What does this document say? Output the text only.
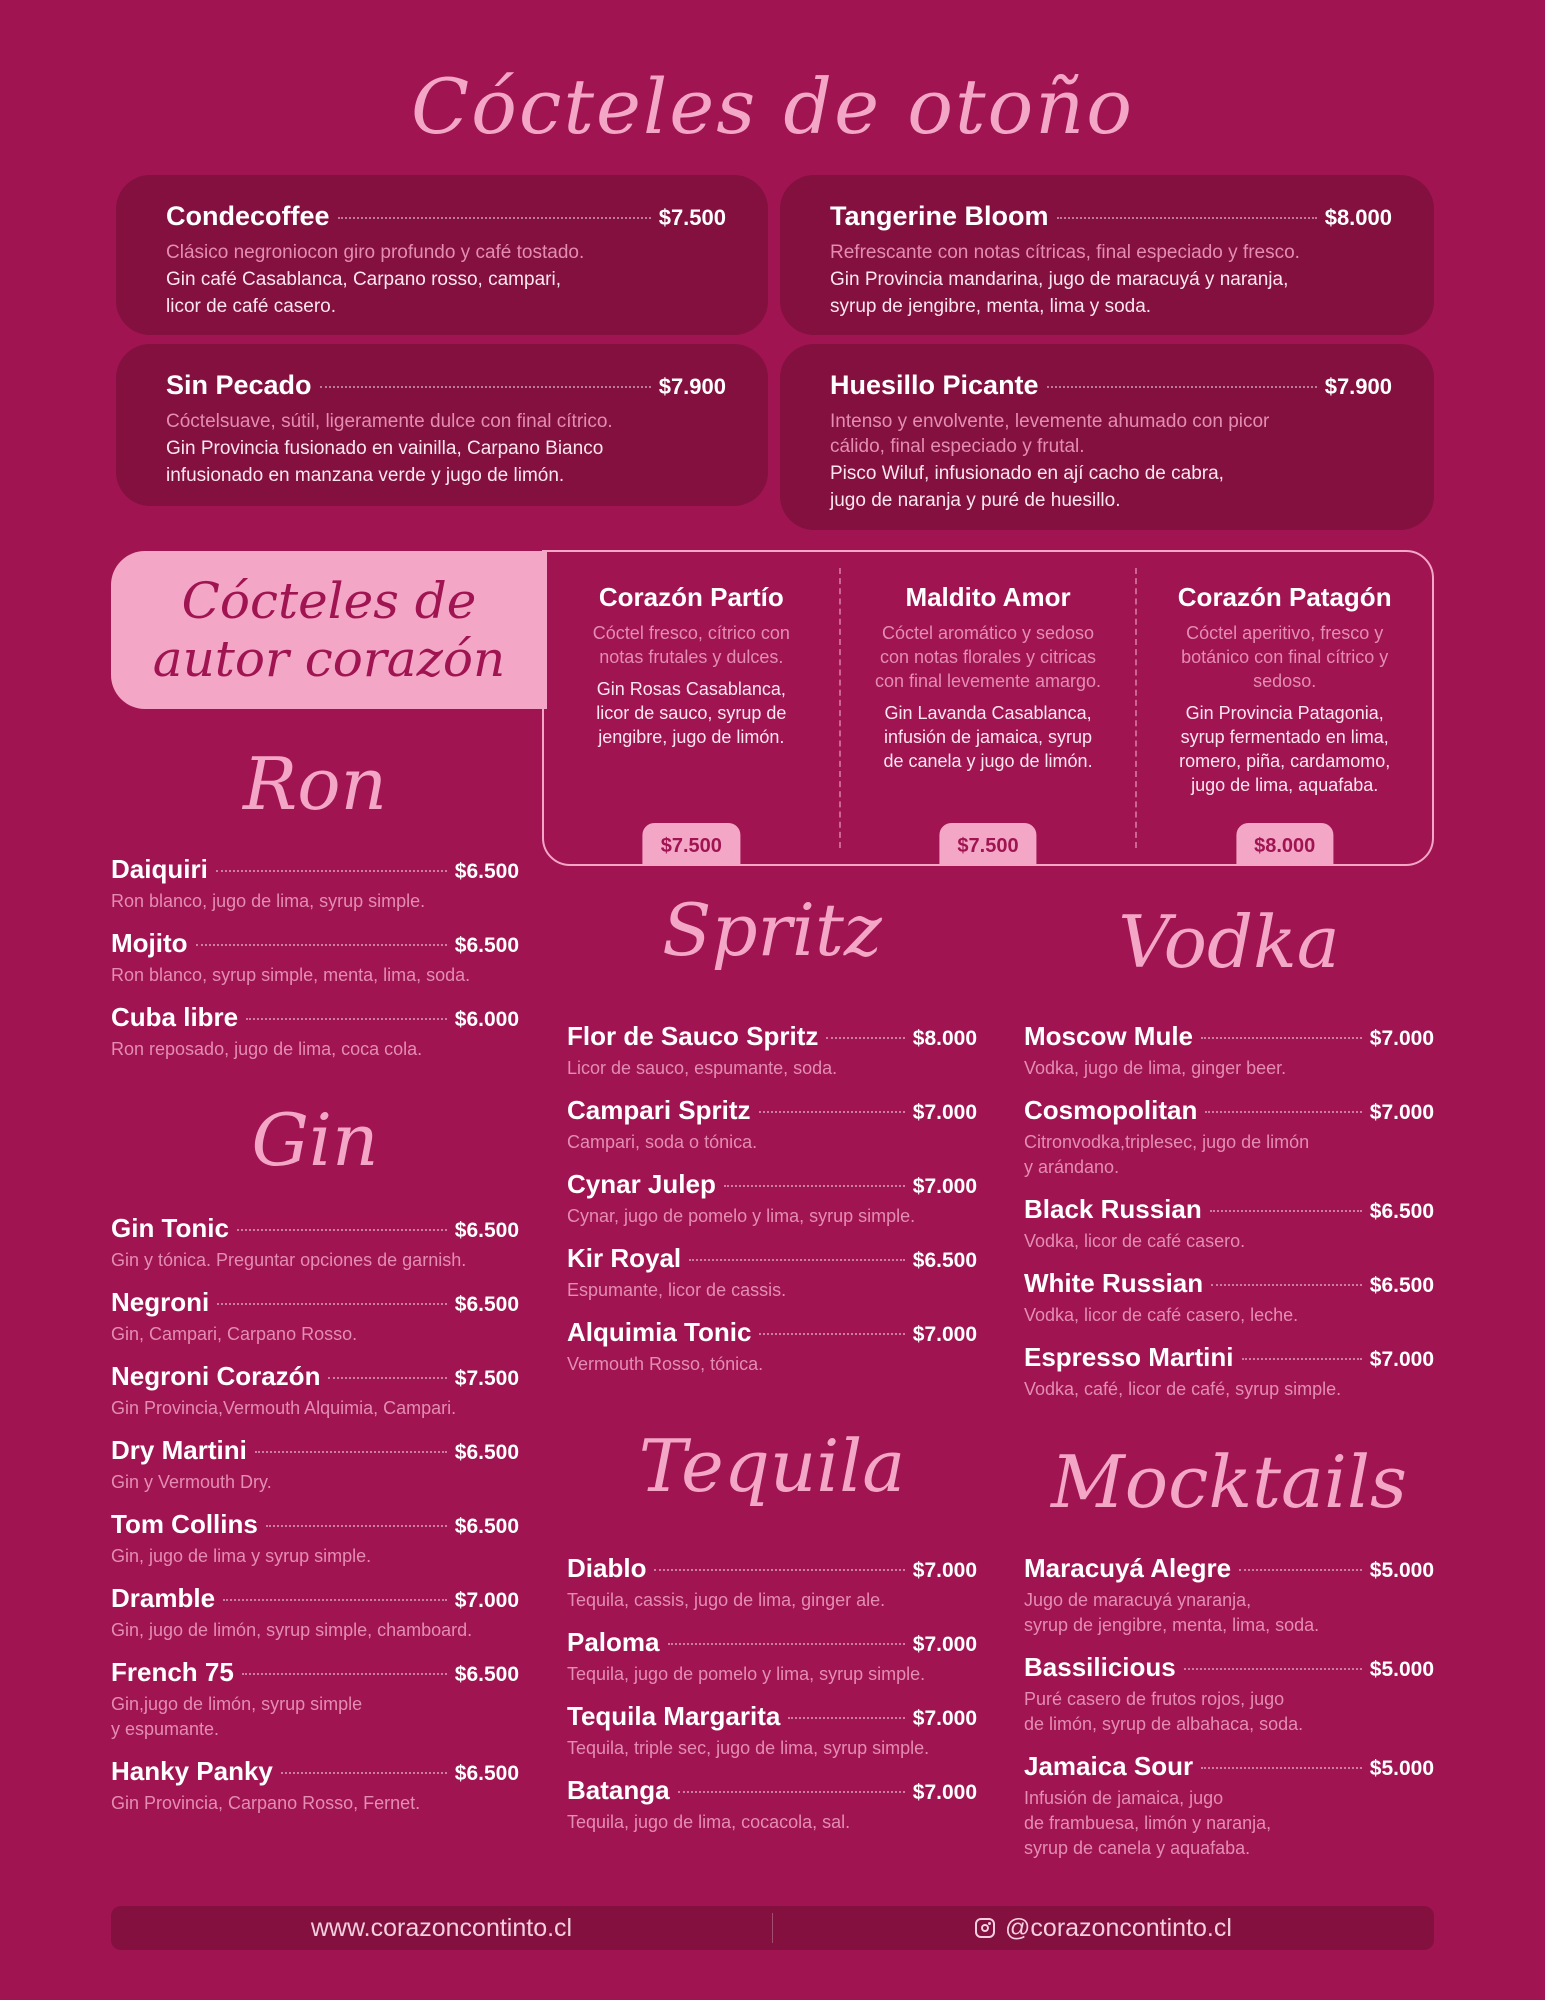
Cócteles de otoño
Condecoffee	$7.500
Clásico negroniocon giro profundo y café tostado.
Gin café Casablanca, Carpano rosso, campari,
licor de café casero.
Tangerine Bloom	$8.000
Refrescante con notas cítricas, final especiado y fresco.
Gin Provincia mandarina, jugo de maracuyá y naranja,
syrup de jengibre, menta, lima y soda.
Sin Pecado	$7.900
Cóctelsuave, sútil, ligeramente dulce con final cítrico.
Gin Provincia fusionado en vainilla, Carpano Bianco
infusionado en manzana verde y jugo de limón.
Huesillo Picante	$7.900
Intenso y envolvente, levemente ahumado con picor
cálido, final especiado y frutal.
Pisco Wiluf, infusionado en ají cacho de cabra,
jugo de naranja y puré de huesillo.
Cócteles de
autor corazón
Corazón Partío
Cóctel fresco, cítrico con
notas frutales y dulces.
Gin Rosas Casablanca,
licor de sauco, syrup de
jengibre, jugo de limón.
$7.500
Maldito Amor
Cóctel aromático y sedoso
con notas florales y citricas
con final levemente amargo.
Gin Lavanda Casablanca,
infusión de jamaica, syrup
de canela y jugo de limón.
$7.500
Corazón Patagón
Cóctel aperitivo, fresco y
botánico con final cítrico y
sedoso.
Gin Provincia Patagonia,
syrup fermentado en lima,
romero, piña, cardamomo,
jugo de lima, aquafaba.
$8.000
Ron
Daiquiri	$6.500
Ron blanco, jugo de lima, syrup simple.
Mojito	$6.500
Ron blanco, syrup simple, menta, lima, soda.
Cuba libre	$6.000
Ron reposado, jugo de lima, coca cola.
Gin
Gin Tonic	$6.500
Gin y tónica. Preguntar opciones de garnish.
Negroni	$6.500
Gin, Campari, Carpano Rosso.
Negroni Corazón	$7.500
Gin Provincia,Vermouth Alquimia, Campari.
Dry Martini	$6.500
Gin y Vermouth Dry.
Tom Collins	$6.500
Gin, jugo de lima y syrup simple.
Dramble	$7.000
Gin, jugo de limón, syrup simple, chamboard.
French 75	$6.500
Gin,jugo de limón, syrup simple
y espumante.
Hanky Panky	$6.500
Gin Provincia, Carpano Rosso, Fernet.
Spritz
Flor de Sauco Spritz	$8.000
Licor de sauco, espumante, soda.
Campari Spritz	$7.000
Campari, soda o tónica.
Cynar Julep	$7.000
Cynar, jugo de pomelo y lima, syrup simple.
Kir Royal	$6.500
Espumante, licor de cassis.
Alquimia Tonic	$7.000
Vermouth Rosso, tónica.
Tequila
Diablo	$7.000
Tequila, cassis, jugo de lima, ginger ale.
Paloma	$7.000
Tequila, jugo de pomelo y lima, syrup simple.
Tequila Margarita	$7.000
Tequila, triple sec, jugo de lima, syrup simple.
Batanga	$7.000
Tequila, jugo de lima, cocacola, sal.
Vodka
Moscow Mule	$7.000
Vodka, jugo de lima, ginger beer.
Cosmopolitan	$7.000
Citronvodka,triplesec, jugo de limón
y arándano.
Black Russian	$6.500
Vodka, licor de café casero.
White Russian	$6.500
Vodka, licor de café casero, leche.
Espresso Martini	$7.000
Vodka, café, licor de café, syrup simple.
Mocktails
Maracuyá Alegre	$5.000
Jugo de maracuyá ynaranja,
syrup de jengibre, menta, lima, soda.
Bassilicious	$5.000
Puré casero de frutos rojos, jugo
de limón, syrup de albahaca, soda.
Jamaica Sour	$5.000
Infusión de jamaica, jugo
de frambuesa, limón y naranja,
syrup de canela y aquafaba.
www.corazoncontinto.cl	@corazoncontinto.cl
